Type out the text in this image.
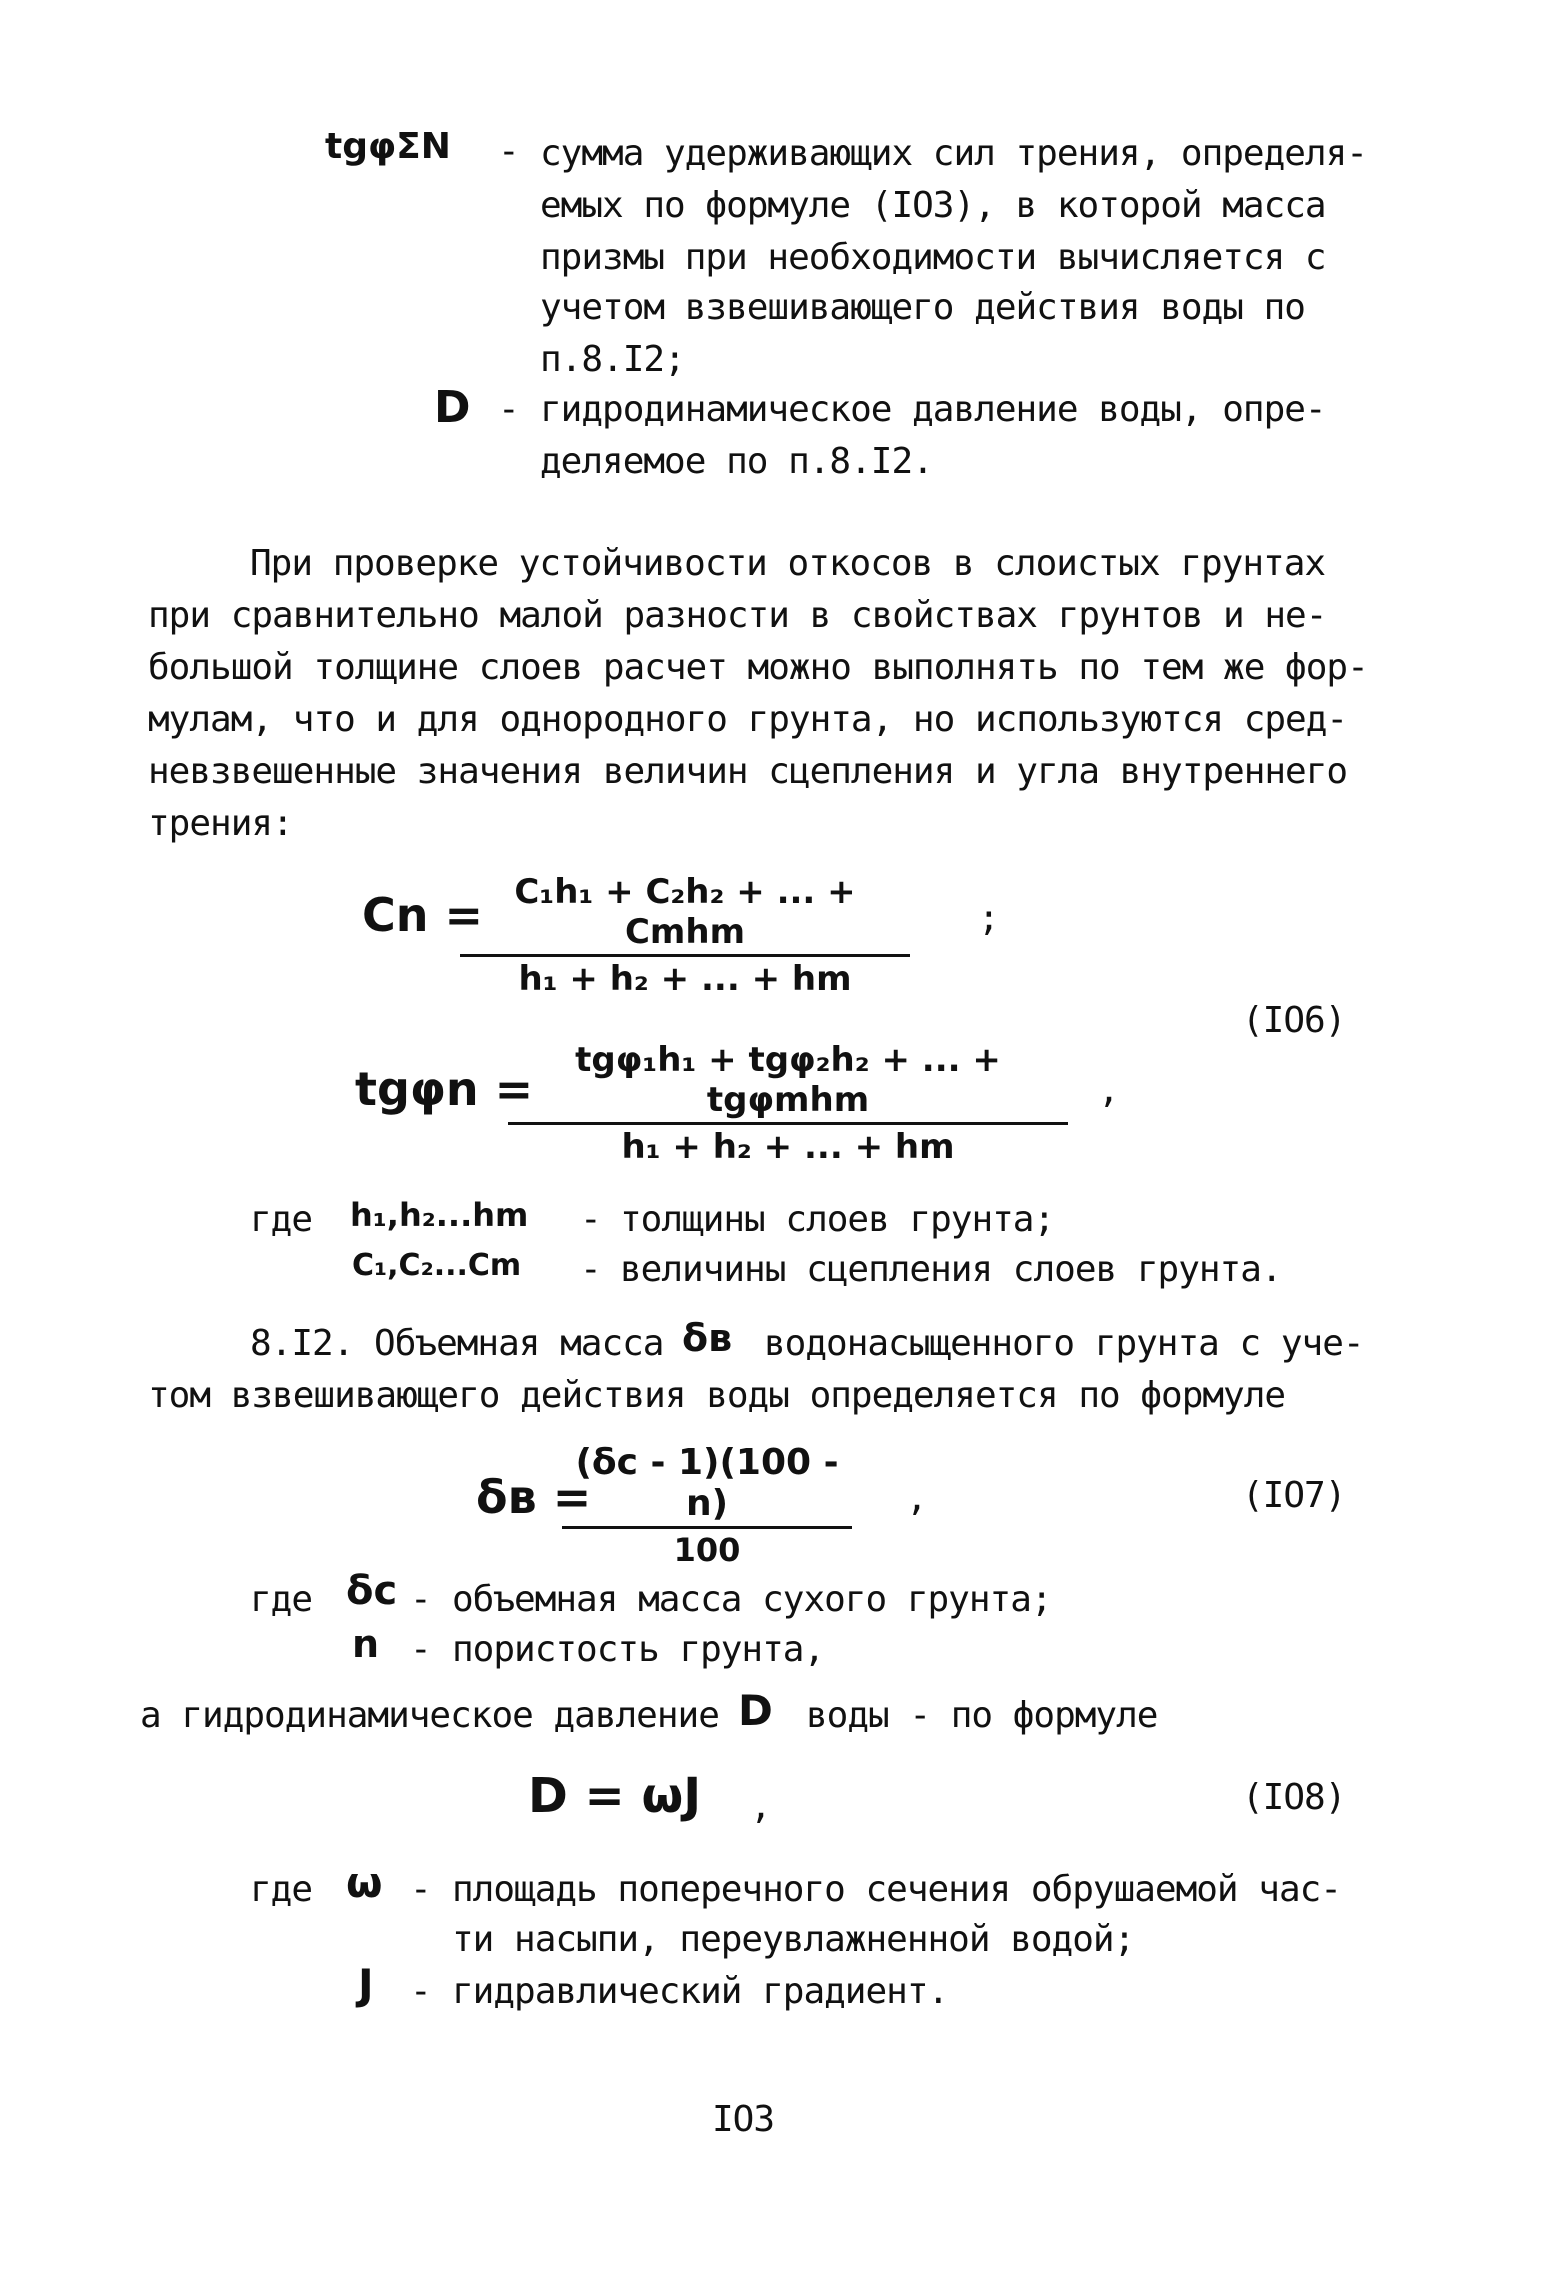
tgφΣN - сумма удерживающих сил трения, определя-
емых по формуле (IO3), в которой масса
призмы при необходимости вычисляется с
учетом взвешивающего действия воды по
п.8.I2;
D - гидродинамическое давление воды, опре-
деляемое по п.8.I2.
При проверке устойчивости откосов в слоистых грунтах
при сравнительно малой разности в свойствах грунтов и не-
большой толщине слоев расчет можно выполнять по тем же фор-
мулам, что и для однородного грунта, но используются сред-
невзвешенные значения величин сцепления и угла внутреннего
трения:
Cn = C₁h₁ + C₂h₂ + ... + Cmhm
h₁ + h₂ + ... + hm
;
(IO6)
tgφn =
tgφ₁h₁ + tgφ₂h₂ + ... + tgφmhm
h₁ + h₂ + ... + hm
,
где h₁,h₂...hm - толщины слоев грунта;
C₁,C₂...Cm - величины сцепления слоев грунта.
8.I2. Объемная масса δв водонасыщенного грунта с уче-
том взвешивающего действия воды определяется по формуле
δв =
$\frac{(\delta c - 1)(100 - n)}{100}$ ,	(IO7)
где δc - объемная масса сухого грунта;
n - пористость грунта,
а гидродинамическое давление D воды - по формуле
D = ωJ ,	(IO8)
где ω - площадь поперечного сечения обрушаемой час-
ти насыпи, переувлажненной водой;
J - гидравлический градиент.
IO3
